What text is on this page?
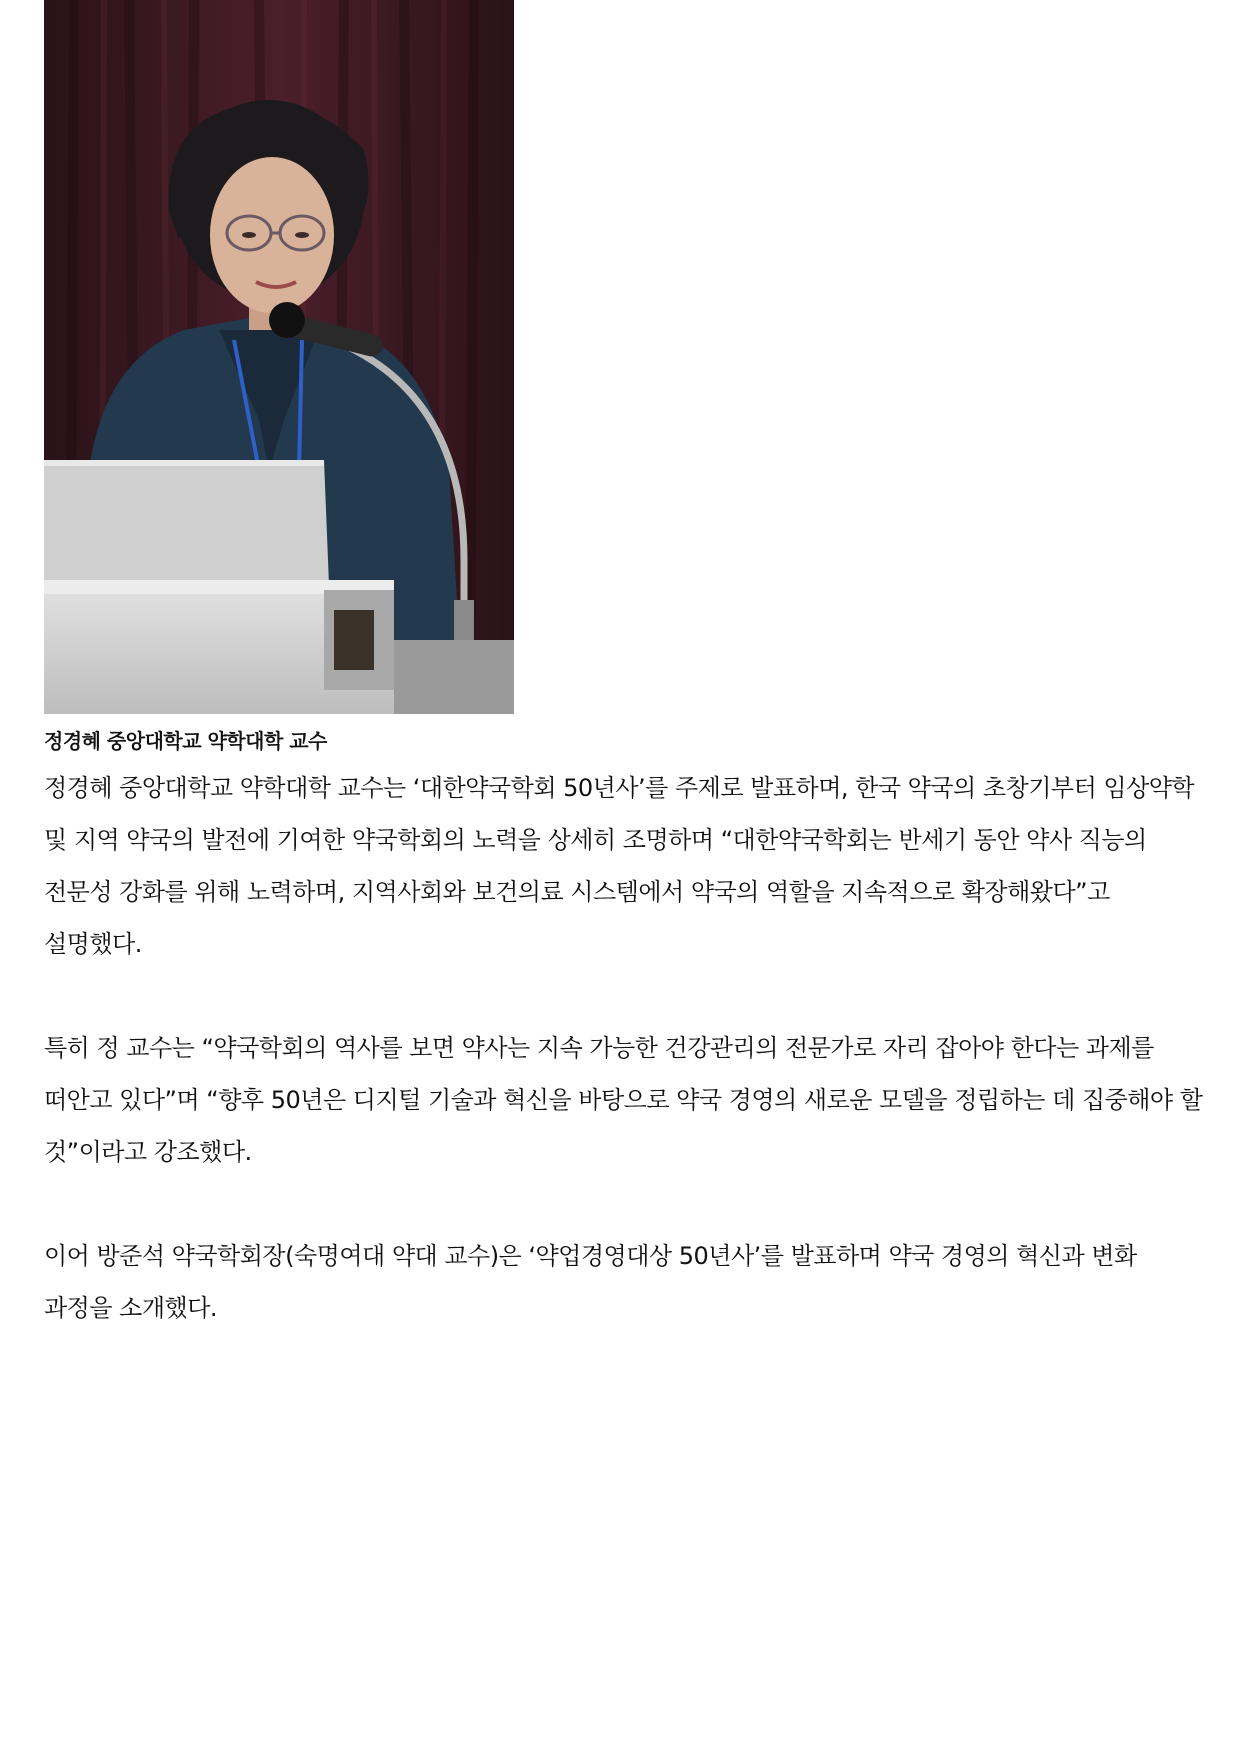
정경혜 중앙대학교 약학대학 교수

정경혜 중앙대학교 약학대학 교수는 ‘대한약국학회 50년사’를 주제로 발표하며, 한국 약국의 초창기부터 임상약학 및 지역 약국의 발전에 기여한 약국학회의 노력을 상세히 조명하며 “대한약국학회는 반세기 동안 약사 직능의 전문성 강화를 위해 노력하며, 지역사회와 보건의료 시스템에서 약국의 역할을 지속적으로 확장해왔다”고 설명했다.

특히 정 교수는 “약국학회의 역사를 보면 약사는 지속 가능한 건강관리의 전문가로 자리 잡아야 한다는 과제를 떠안고 있다”며 “향후 50년은 디지털 기술과 혁신을 바탕으로 약국 경영의 새로운 모델을 정립하는 데 집중해야 할 것”이라고 강조했다.

이어 방준석 약국학회장(숙명여대 약대 교수)은 ‘약업경영대상 50년사’를 발표하며 약국 경영의 혁신과 변화 과정을 소개했다.
